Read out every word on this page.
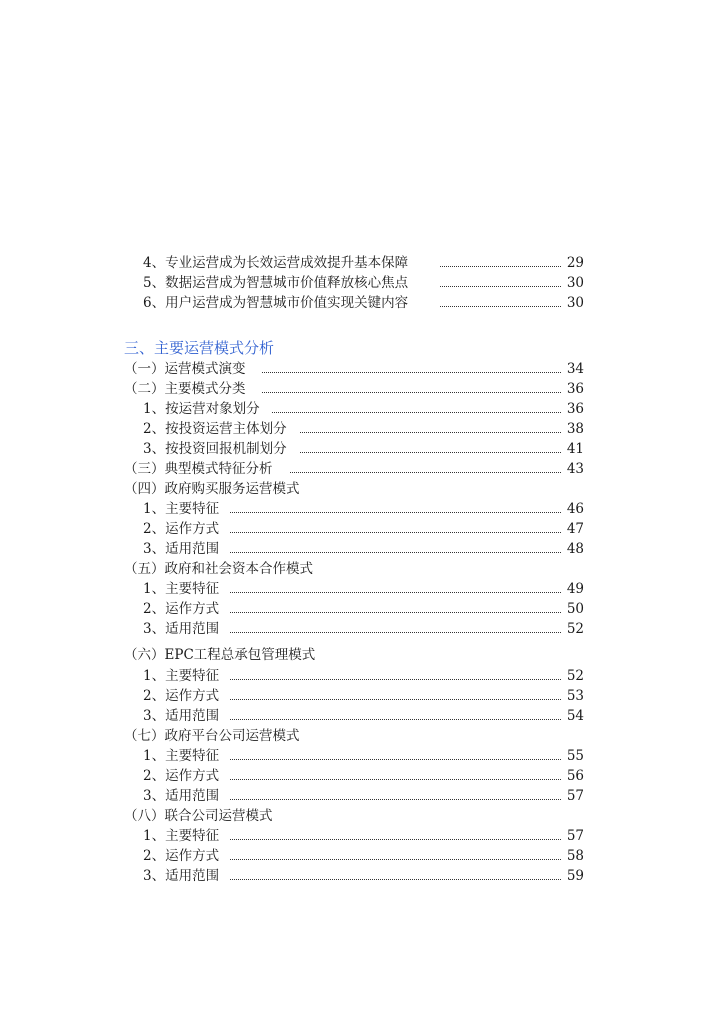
4、专业运营成为长效运营成效提升基本保障	29
5、数据运营成为智慧城市价值释放核心焦点	30
6、用户运营成为智慧城市价值实现关键内容	30
三、主要运营模式分析
（一）运营模式演变	34
（二）主要模式分类	36
1、按运营对象划分	36
2、按投资运营主体划分	38
3、按投资回报机制划分	41
（三）典型模式特征分析	43
（四）政府购买服务运营模式
1、主要特征	46
2、运作方式	47
3、适用范围	48
（五）政府和社会资本合作模式
1、主要特征	49
2、运作方式	50
3、适用范围	52
（六）EPC工程总承包管理模式
1、主要特征	52
2、运作方式	53
3、适用范围	54
（七）政府平台公司运营模式
1、主要特征	55
2、运作方式	56
3、适用范围	57
（八）联合公司运营模式
1、主要特征	57
2、运作方式	58
3、适用范围	59
